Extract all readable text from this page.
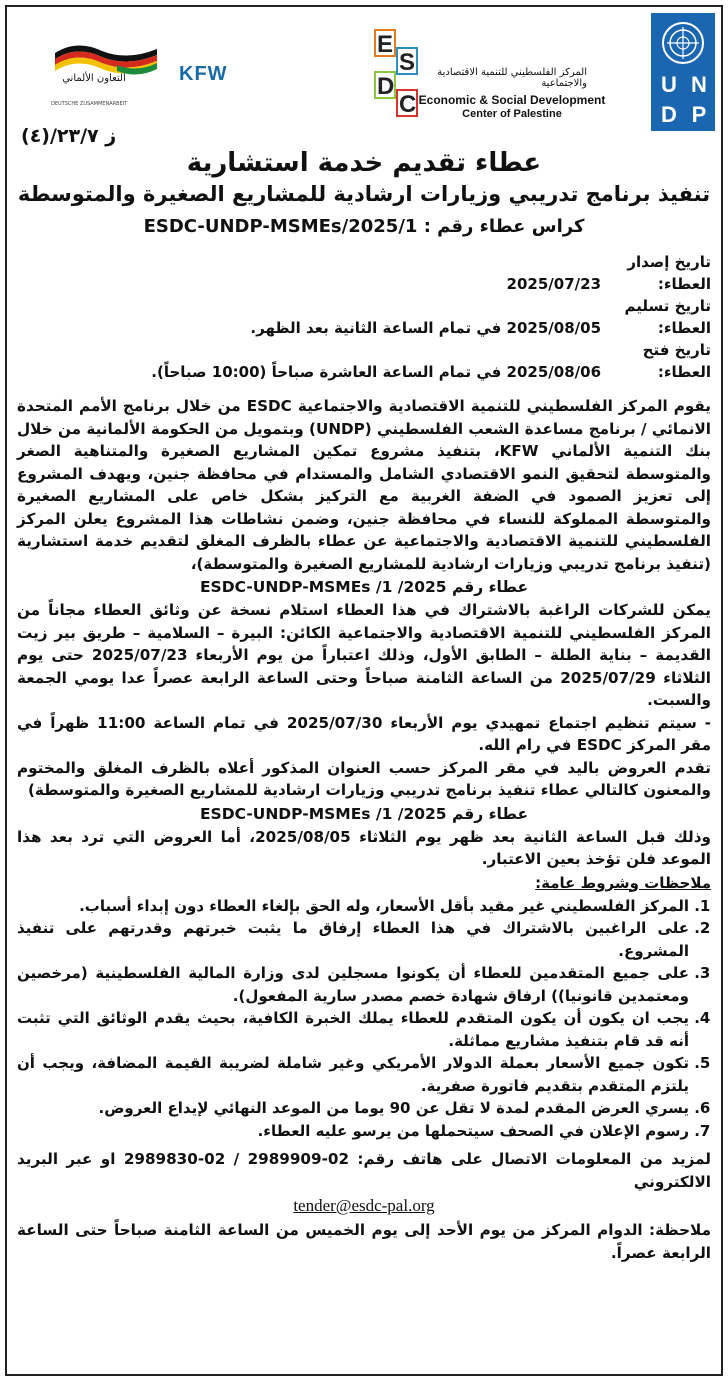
التعاون الألماني
DEUTSCHE ZUSAMMENARBEIT
KFW
E
S
D
C
المركز الفلسطيني للتنمية الاقتصادية والاجتماعية
Economic & Social Development
Center of Palestine
U N
D P
ز ٢٣/٧/(٤)
عطاء تقديم خدمة استشارية
تنفيذ برنامج تدريبي وزيارات ارشادية للمشاريع الصغيرة والمتوسطة
كراس عطاء رقم : 1/ESDC-UNDP-MSMEs/2025
تاريخ إصدار العطاء:2025/07/23
تاريخ تسليم العطاء:2025/08/05 في تمام الساعة الثانية بعد الظهر.
تاريخ فتح العطاء:2025/08/06 في تمام الساعة العاشرة صباحاً (10:00 صباحاً).

يقوم المركز الفلسطيني للتنمية الاقتصادية والاجتماعية ESDC من خلال برنامج الأمم المتحدة الانمائي / برنامج مساعدة الشعب الفلسطيني (UNDP) وبتمويل من الحكومة الألمانية من خلال بنك التنمية الألماني KFW، بتنفيذ مشروع تمكين المشاريع الصغيرة والمتناهية الصغر والمتوسطة لتحقيق النمو الاقتصادي الشامل والمستدام في محافظة جنين، ويهدف المشروع إلى تعزيز الصمود في الضفة الغربية مع التركيز بشكل خاص على المشاريع الصغيرة والمتوسطة المملوكة للنساء في محافظة جنين، وضمن نشاطات هذا المشروع يعلن المركز الفلسطيني للتنمية الاقتصادية والاجتماعية عن عطاء بالظرف المغلق لتقديم خدمة استشارية (تنفيذ برنامج تدريبي وزيارات ارشادية للمشاريع الصغيرة والمتوسطة)،

عطاء رقم 2025/ ESDC-UNDP-MSMEs /1

يمكن للشركات الراغبة بالاشتراك في هذا العطاء استلام نسخة عن وثائق العطاء مجاناً من المركز الفلسطيني للتنمية الاقتصادية والاجتماعية الكائن: البيرة – السلامية – طريق بير زيت القديمة – بناية الطلة – الطابق الأول، وذلك اعتباراً من يوم الأربعاء 2025/07/23 حتى يوم الثلاثاء 2025/07/29 من الساعة الثامنة صباحاً وحتى الساعة الرابعة عصراً عدا يومي الجمعة والسبت.

- سيتم تنظيم اجتماع تمهيدي يوم الأربعاء 2025/07/30 في تمام الساعة 11:00 ظهراً في مقر المركز ESDC في رام الله.

تقدم العروض باليد في مقر المركز حسب العنوان المذكور أعلاه بالظرف المغلق والمختوم والمعنون كالتالي عطاء تنفيذ برنامج تدريبي وزيارات ارشادية للمشاريع الصغيرة والمتوسطة)

عطاء رقم 2025/ ESDC-UNDP-MSMEs /1

وذلك قبل الساعة الثانية بعد ظهر يوم الثلاثاء 2025/08/05، أما العروض التي ترد بعد هذا الموعد فلن تؤخذ بعين الاعتبار.

ملاحظات وشروط عامة:
1. المركز الفلسطيني غير مقيد بأقل الأسعار، وله الحق بإلغاء العطاء دون إبداء أسباب.
2. على الراغبين بالاشتراك في هذا العطاء إرفاق ما يثبت خبرتهم وقدرتهم على تنفيذ المشروع.
3. على جميع المتقدمين للعطاء أن يكونوا مسجلين لدى وزارة المالية الفلسطينية (مرخصين ومعتمدين قانونيا)) ارفاق شهادة خصم مصدر سارية المفعول).
4. يجب ان يكون أن يكون المتقدم للعطاء يملك الخبرة الكافية، بحيث يقدم الوثائق التي تثبت أنه قد قام بتنفيذ مشاريع مماثلة.
5. تكون جميع الأسعار بعملة الدولار الأمريكي وغير شاملة لضريبة القيمة المضافة، ويجب أن يلتزم المتقدم بتقديم فاتورة صفرية.
6. يسري العرض المقدم لمدة لا تقل عن 90 يوما من الموعد النهائي لإيداع العروض.
7. رسوم الإعلان في الصحف سيتحملها من يرسو عليه العطاء.

لمزيد من المعلومات الاتصال على هاتف رقم: 02-2989909 / 02-2989830 او عبر البريد الالكتروني

tender@esdc-pal.org

ملاحظة: الدوام المركز من يوم الأحد إلى يوم الخميس من الساعة الثامنة صباحاً حتى الساعة الرابعة عصراً.
